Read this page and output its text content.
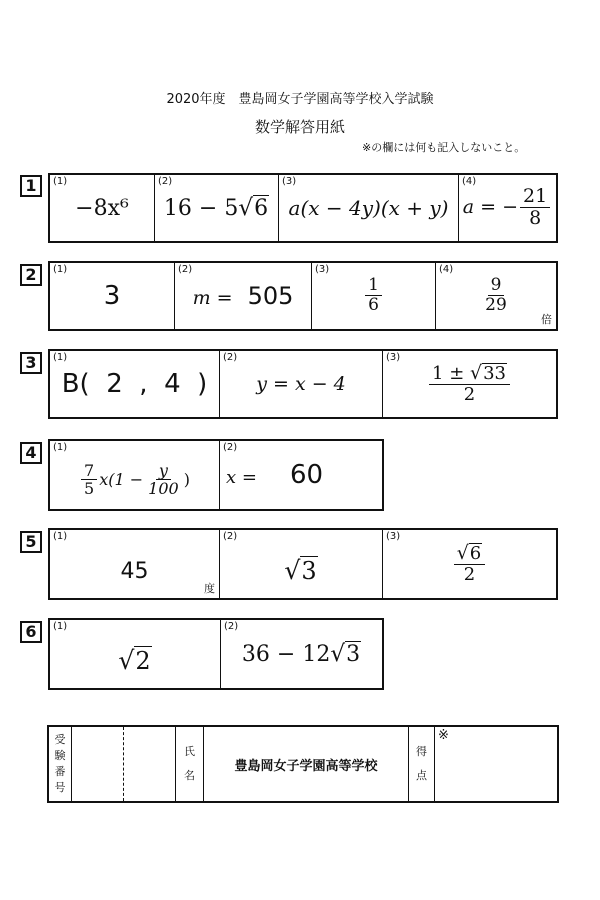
2020年度　豊島岡女子学園高等学校入学試験
数学解答用紙
※の欄には何も記入しないこと。
1	(1)
−8x⁶
(2)
16 − 5 √ 6
(3)
a(x − 4y)(x + y)
(4)
a = − $\frac{21}{8}$
2	(1)
3
(2)
m = 505
(3)
$\frac{1}{6}$
(4)
$\frac{9}{29}$
倍
3	(1)
B(  2  ,  4  )
(2)
y = x − 4
(3)
$\frac{1 \pm √ 33}{2}$
4	(1)
$\frac{7}{5} x(1 - \frac{y}{100}$ )
(2)
x = 60
5	(1)
45
度
(2)
√ 3
(3)
$\frac{√ 6}{2}$
6	(1)
√ 2
(2)
36 − 12 √ 3
受
験
番
号
氏
名
豊島岡女子学園高等学校
得
点
※
